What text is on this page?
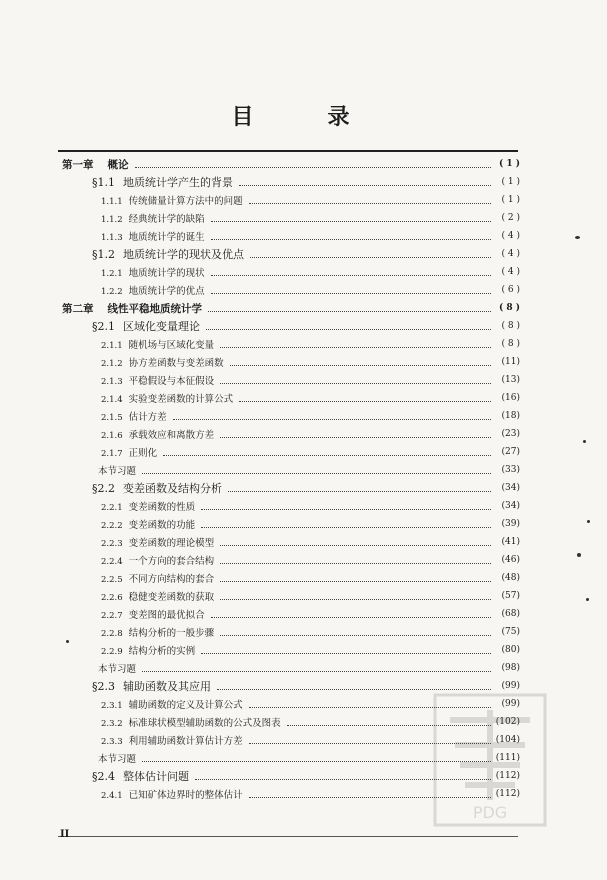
目　录
第一章 概论	( 1 )
§1.1 地质统计学产生的背景	( 1 )
1.1.1 传统储量计算方法中的问题	( 1 )
1.1.2 经典统计学的缺陷	( 2 )
1.1.3 地质统计学的诞生	( 4 )
§1.2 地质统计学的现状及优点	( 4 )
1.2.1 地质统计学的现状	( 4 )
1.2.2 地质统计学的优点	( 6 )
第二章 线性平稳地质统计学	( 8 )
§2.1 区域化变量理论	( 8 )
2.1.1 随机场与区域化变量	( 8 )
2.1.2 协方差函数与变差函数	(11)
2.1.3 平稳假设与本征假设	(13)
2.1.4 实验变差函数的计算公式	(16)
2.1.5 估计方差	(18)
2.1.6 承载效应和离散方差	(23)
2.1.7 正则化	(27)
本节习题	(33)
§2.2 变差函数及结构分析	(34)
2.2.1 变差函数的性质	(34)
2.2.2 变差函数的功能	(39)
2.2.3 变差函数的理论模型	(41)
2.2.4 一个方向的套合结构	(46)
2.2.5 不同方向结构的套合	(48)
2.2.6 稳健变差函数的获取	(57)
2.2.7 变差图的最优拟合	(68)
2.2.8 结构分析的一般步骤	(75)
2.2.9 结构分析的实例	(80)
本节习题	(98)
§2.3 辅助函数及其应用	(99)
2.3.1 辅助函数的定义及计算公式	(99)
2.3.2 标准球状模型辅助函数的公式及图表	(102)
2.3.3 利用辅助函数计算估计方差	(104)
本节习题	(111)
§2.4 整体估计问题	(112)
2.4.1 已知矿体边界时的整体估计	(112)
II
PDG
